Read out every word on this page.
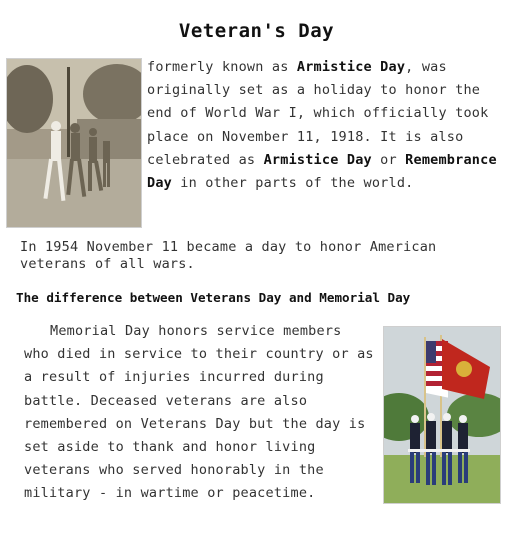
Veteran's Day
formerly known as Armistice Day, was originally set as a holiday to honor the end of World War I, which officially took place on November 11, 1918. It is also celebrated as Armistice Day or Remembrance Day in other parts of the world.
In 1954 November 11 became a day to honor American veterans of all wars.
The difference between Veterans Day and Memorial Day
Memorial Day honors service members who died in service to their country or as a result of injuries incurred during battle. Deceased veterans are also remembered on Veterans Day but the day is set aside to thank and honor living veterans who served honorably in the military - in wartime or peacetime.
